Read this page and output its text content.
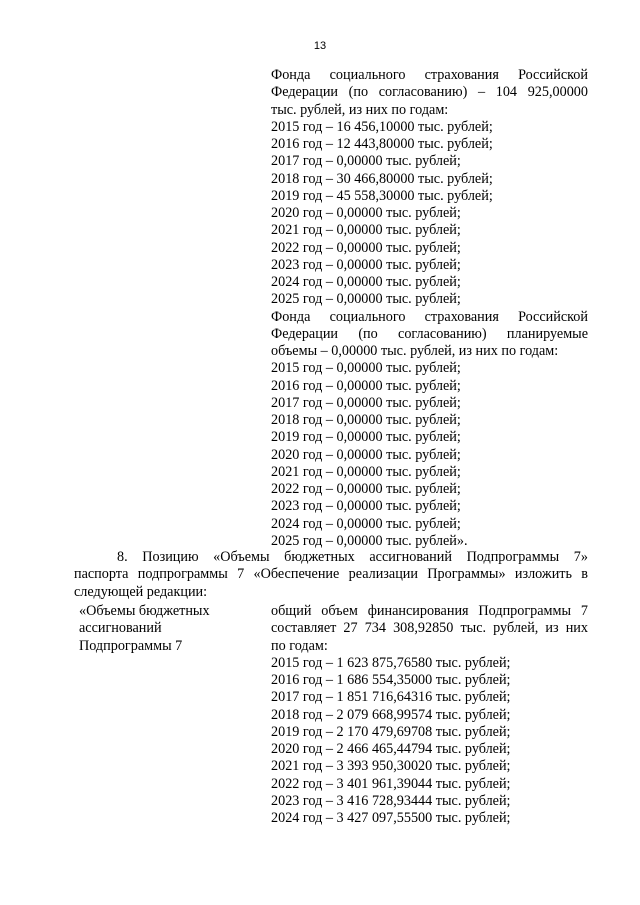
13
Фонда социального страхования Российской
Федерации (по согласованию) – 104 925,00000
тыс. рублей, из них по годам:
2015 год – 16 456,10000 тыс. рублей;
2016 год – 12 443,80000 тыс. рублей;
2017 год – 0,00000 тыс. рублей;
2018 год – 30 466,80000 тыс. рублей;
2019 год – 45 558,30000 тыс. рублей;
2020 год – 0,00000 тыс. рублей;
2021 год – 0,00000 тыс. рублей;
2022 год – 0,00000 тыс. рублей;
2023 год – 0,00000 тыс. рублей;
2024 год – 0,00000 тыс. рублей;
2025 год – 0,00000 тыс. рублей;
Фонда социального страхования Российской
Федерации (по согласованию) планируемые
объемы – 0,00000 тыс. рублей, из них по годам:
2015 год – 0,00000 тыс. рублей;
2016 год – 0,00000 тыс. рублей;
2017 год – 0,00000 тыс. рублей;
2018 год – 0,00000 тыс. рублей;
2019 год – 0,00000 тыс. рублей;
2020 год – 0,00000 тыс. рублей;
2021 год – 0,00000 тыс. рублей;
2022 год – 0,00000 тыс. рублей;
2023 год – 0,00000 тыс. рублей;
2024 год – 0,00000 тыс. рублей;
2025 год – 0,00000 тыс. рублей».
8. Позицию «Объемы бюджетных ассигнований Подпрограммы 7»
паспорта подпрограммы 7 «Обеспечение реализации Программы» изложить в
следующей редакции:
«Объемы бюджетных
ассигнований
Подпрограммы 7
общий объем финансирования Подпрограммы 7
составляет 27 734 308,92850 тыс. рублей, из них
по годам:
2015 год – 1 623 875,76580 тыс. рублей;
2016 год – 1 686 554,35000 тыс. рублей;
2017 год – 1 851 716,64316 тыс. рублей;
2018 год – 2 079 668,99574 тыс. рублей;
2019 год – 2 170 479,69708 тыс. рублей;
2020 год – 2 466 465,44794 тыс. рублей;
2021 год – 3 393 950,30020 тыс. рублей;
2022 год – 3 401 961,39044 тыс. рублей;
2023 год – 3 416 728,93444 тыс. рублей;
2024 год – 3 427 097,55500 тыс. рублей;
